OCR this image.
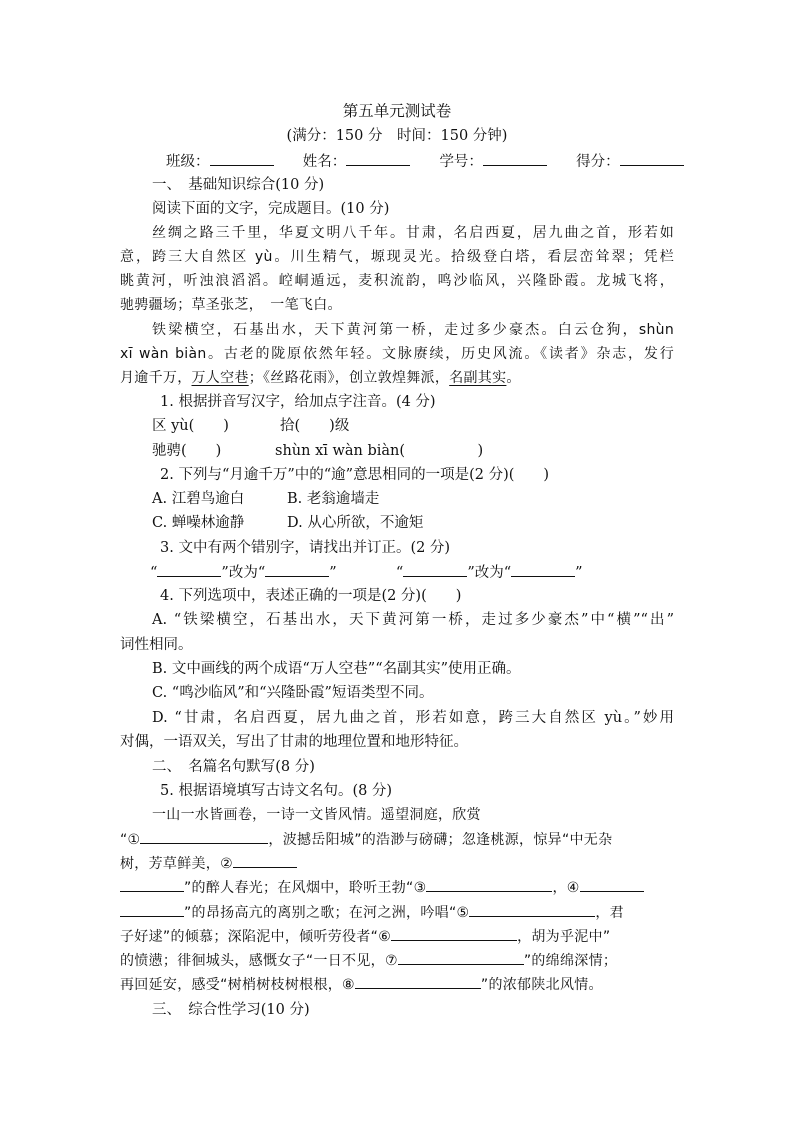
第五单元测试卷
(满分：150 分　时间：150 分钟)
班级：	姓名：	学号：	得分：
一、　基础知识综合(10 分)
阅读下面的文字，完成题目。(10 分)
丝绸之路三千里，华夏文明八千年。甘肃，名启西夏，居九曲之首，形若如
意，跨三大自然区 yù。川生精气，塬现灵光。拾级登白塔，看层峦耸翠；凭栏
眺黄河，听浊浪滔滔。崆峒遁远，麦积流韵，鸣沙临风，兴隆卧霞。龙城飞将，
驰骋疆场；草圣张芝，　一笔飞白。
铁梁横空，石基出水，天下黄河第一桥，走过多少豪杰。白云仓狗，shùn
xī wàn biàn。古老的陇原依然年轻。文脉赓续，历史风流。《读者》杂志，发行
月逾千万，万人空巷；《丝路花雨》，创立敦煌舞派，名副其实。
1. 根据拼音写汉字，给加点字注音。(4 分)
区 yù(　　)	拾(　　)级
驰骋(　　)	shùn xī wàn biàn(　　　　　)
2. 下列与“月逾千万”中的“逾”意思相同的一项是(2 分)(　　)
A. 江碧鸟逾白	B. 老翁逾墙走
C. 蝉噪林逾静	D. 从心所欲，不逾矩
3. 文中有两个错别字，请找出并订正。(2 分)
“	”改为“	”	“	”改为“	”
4. 下列选项中，表述正确的一项是(2 分)(　　)
A. “铁梁横空，石基出水，天下黄河第一桥，走过多少豪杰”中“横”“出”
词性相同。
B. 文中画线的两个成语“万人空巷”“名副其实”使用正确。
C. “鸣沙临风”和“兴隆卧霞”短语类型不同。
D. “甘肃，名启西夏，居九曲之首，形若如意，跨三大自然区 yù。”妙用
对偶，一语双关，写出了甘肃的地理位置和地形特征。
二、　名篇名句默写(8 分)
5. 根据语境填写古诗文名句。(8 分)
一山一水皆画卷，一诗一文皆风情。遥望洞庭，欣赏
“①	，波撼岳阳城”的浩渺与磅礴；忽逢桃源，惊异“中无杂
树，芳草鲜美，②
”的醉人春光；在风烟中，聆听王勃“③	，④
”的昂扬高亢的离别之歌；在河之洲，吟唱“⑤	，君
子好逑”的倾慕；深陷泥中，倾听劳役者“⑥	，胡为乎泥中”
的愤懑；徘徊城头，感慨女子“一日不见，⑦	”的绵绵深情；
再回延安，感受“树梢树枝树根根，⑧	”的浓郁陕北风情。
三、　综合性学习(10 分)
